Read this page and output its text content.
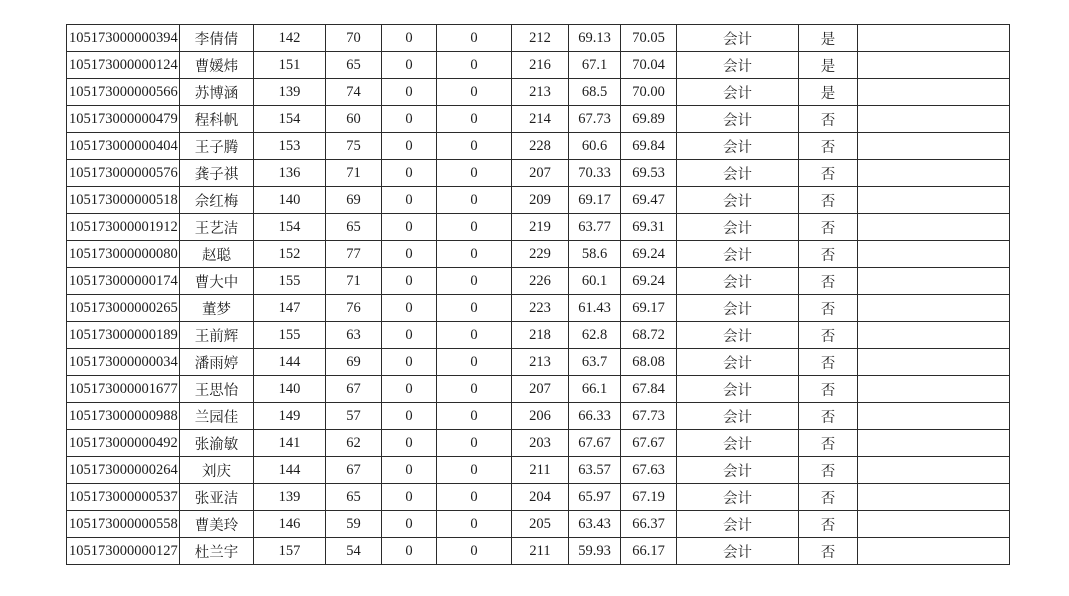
105173000000394	李倩倩	142	70	0	0	212	69.13	70.05	会计	是	
105173000000124	曹媛炜	151	65	0	0	216	67.1	70.04	会计	是	
105173000000566	苏博涵	139	74	0	0	213	68.5	70.00	会计	是	
105173000000479	程科帆	154	60	0	0	214	67.73	69.89	会计	否	
105173000000404	王子腾	153	75	0	0	228	60.6	69.84	会计	否	
105173000000576	龚子祺	136	71	0	0	207	70.33	69.53	会计	否	
105173000000518	佘红梅	140	69	0	0	209	69.17	69.47	会计	否	
105173000001912	王艺洁	154	65	0	0	219	63.77	69.31	会计	否	
105173000000080	赵聪	152	77	0	0	229	58.6	69.24	会计	否	
105173000000174	曹大中	155	71	0	0	226	60.1	69.24	会计	否	
105173000000265	董梦	147	76	0	0	223	61.43	69.17	会计	否	
105173000000189	王前辉	155	63	0	0	218	62.8	68.72	会计	否	
105173000000034	潘雨婷	144	69	0	0	213	63.7	68.08	会计	否	
105173000001677	王思怡	140	67	0	0	207	66.1	67.84	会计	否	
105173000000988	兰园佳	149	57	0	0	206	66.33	67.73	会计	否	
105173000000492	张渝敏	141	62	0	0	203	67.67	67.67	会计	否	
105173000000264	刘庆	144	67	0	0	211	63.57	67.63	会计	否	
105173000000537	张亚洁	139	65	0	0	204	65.97	67.19	会计	否	
105173000000558	曹美玲	146	59	0	0	205	63.43	66.37	会计	否	
105173000000127	杜兰宇	157	54	0	0	211	59.93	66.17	会计	否	
